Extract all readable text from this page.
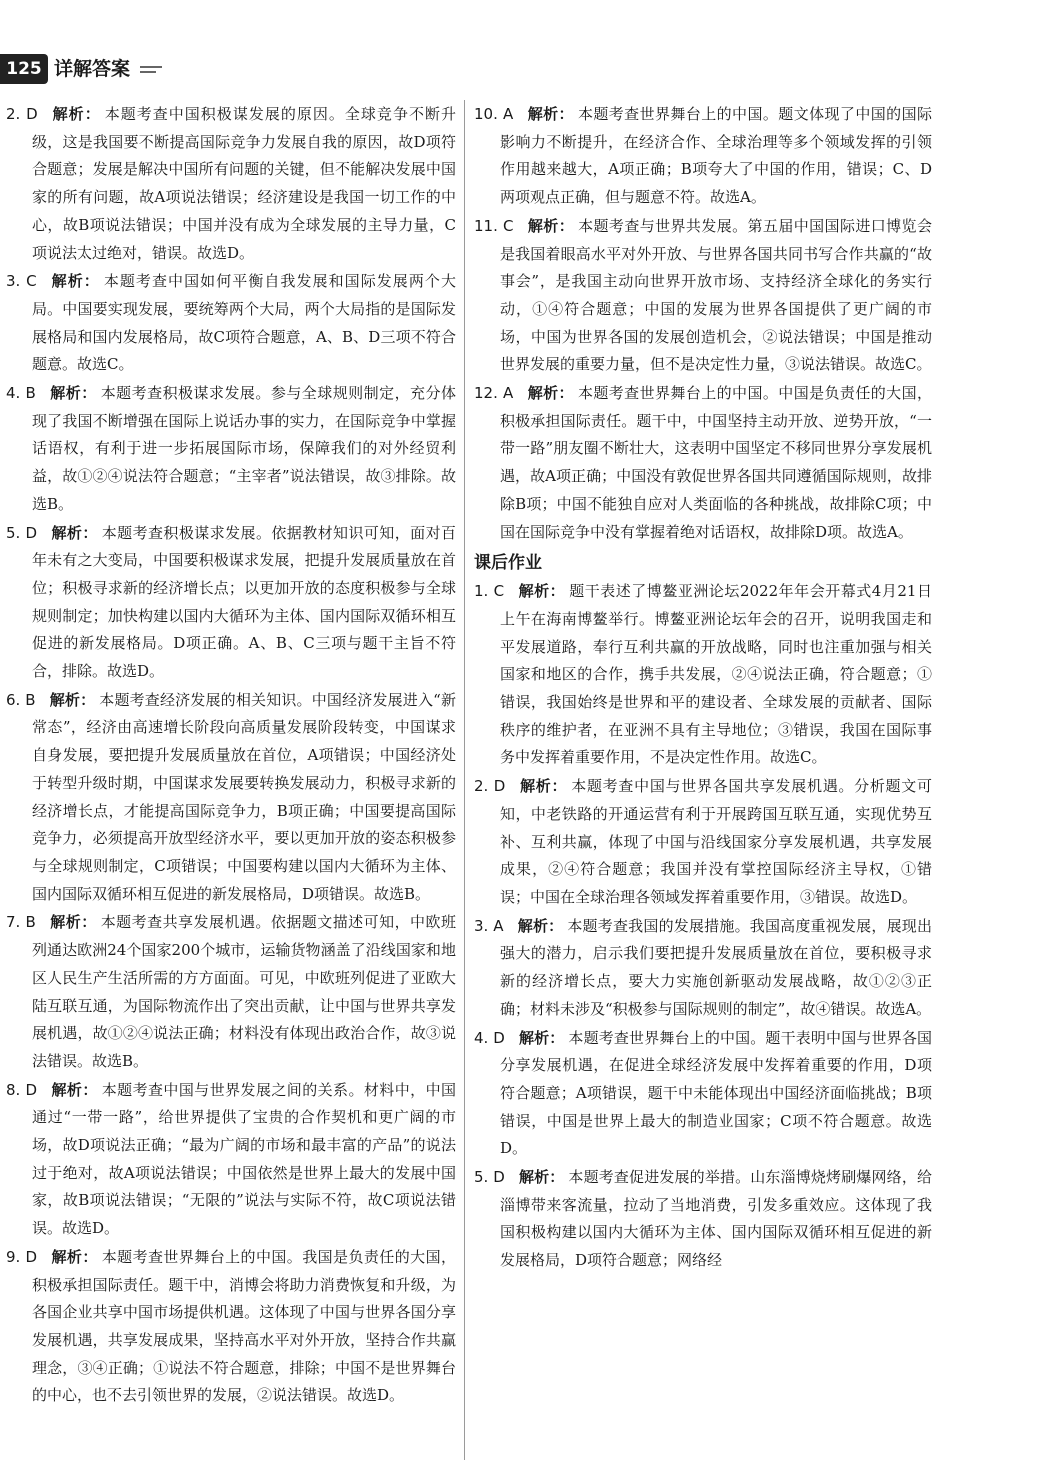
125 详解答案

2. D 解析： 本题考查中国积极谋发展的原因。全球竞争不断升级，这是我国要不断提高国际竞争力发展自我的原因，故D项符合题意；发展是解决中国所有问题的关键，但不能解决发展中国家的所有问题，故A项说法错误；经济建设是我国一切工作的中心，故B项说法错误；中国并没有成为全球发展的主导力量，C项说法太过绝对，错误。故选D。

3. C 解析： 本题考查中国如何平衡自我发展和国际发展两个大局。中国要实现发展，要统筹两个大局，两个大局指的是国际发展格局和国内发展格局，故C项符合题意，A、B、D三项不符合题意。故选C。

4. B 解析： 本题考查积极谋求发展。参与全球规则制定，充分体现了我国不断增强在国际上说话办事的实力，在国际竞争中掌握话语权，有利于进一步拓展国际市场，保障我们的对外经贸利益，故①②④说法符合题意；“主宰者”说法错误，故③排除。故选B。

5. D 解析： 本题考查积极谋求发展。依据教材知识可知，面对百年未有之大变局，中国要积极谋求发展，把提升发展质量放在首位；积极寻求新的经济增长点；以更加开放的态度积极参与全球规则制定；加快构建以国内大循环为主体、国内国际双循环相互促进的新发展格局。D项正确。A、B、C三项与题干主旨不符合，排除。故选D。

6. B 解析： 本题考查经济发展的相关知识。中国经济发展进入“新常态”，经济由高速增长阶段向高质量发展阶段转变，中国谋求自身发展，要把提升发展质量放在首位，A项错误；中国经济处于转型升级时期，中国谋求发展要转换发展动力，积极寻求新的经济增长点，才能提高国际竞争力，B项正确；中国要提高国际竞争力，必须提高开放型经济水平，要以更加开放的姿态积极参与全球规则制定，C项错误；中国要构建以国内大循环为主体、国内国际双循环相互促进的新发展格局，D项错误。故选B。

7. B 解析： 本题考查共享发展机遇。依据题文描述可知，中欧班列通达欧洲24个国家200个城市，运输货物涵盖了沿线国家和地区人民生产生活所需的方方面面。可见，中欧班列促进了亚欧大陆互联互通，为国际物流作出了突出贡献，让中国与世界共享发展机遇，故①②④说法正确；材料没有体现出政治合作，故③说法错误。故选B。

8. D 解析： 本题考查中国与世界发展之间的关系。材料中，中国通过“一带一路”，给世界提供了宝贵的合作契机和更广阔的市场，故D项说法正确；“最为广阔的市场和最丰富的产品”的说法过于绝对，故A项说法错误；中国依然是世界上最大的发展中国家，故B项说法错误；“无限的”说法与实际不符，故C项说法错误。故选D。

9. D 解析： 本题考查世界舞台上的中国。我国是负责任的大国，积极承担国际责任。题干中，消博会将助力消费恢复和升级，为各国企业共享中国市场提供机遇。这体现了中国与世界各国分享发展机遇，共享发展成果，坚持高水平对外开放，坚持合作共赢理念，③④正确；①说法不符合题意，排除；中国不是世界舞台的中心，也不去引领世界的发展，②说法错误。故选D。

10. A 解析： 本题考查世界舞台上的中国。题文体现了中国的国际影响力不断提升，在经济合作、全球治理等多个领域发挥的引领作用越来越大，A项正确；B项夸大了中国的作用，错误；C、D两项观点正确，但与题意不符。故选A。

11. C 解析： 本题考查与世界共发展。第五届中国国际进口博览会是我国着眼高水平对外开放、与世界各国共同书写合作共赢的“故事会”，是我国主动向世界开放市场、支持经济全球化的务实行动，①④符合题意；中国的发展为世界各国提供了更广阔的市场，中国为世界各国的发展创造机会，②说法错误；中国是推动世界发展的重要力量，但不是决定性力量，③说法错误。故选C。

12. A 解析： 本题考查世界舞台上的中国。中国是负责任的大国，积极承担国际责任。题干中，中国坚持主动开放、逆势开放，“一带一路”朋友圈不断壮大，这表明中国坚定不移同世界分享发展机遇，故A项正确；中国没有敦促世界各国共同遵循国际规则，故排除B项；中国不能独自应对人类面临的各种挑战，故排除C项；中国在国际竞争中没有掌握着绝对话语权，故排除D项。故选A。

课后作业

1. C 解析： 题干表述了博鳌亚洲论坛2022年年会开幕式4月21日上午在海南博鳌举行。博鳌亚洲论坛年会的召开，说明我国走和平发展道路，奉行互利共赢的开放战略，同时也注重加强与相关国家和地区的合作，携手共发展，②④说法正确，符合题意；①错误，我国始终是世界和平的建设者、全球发展的贡献者、国际秩序的维护者，在亚洲不具有主导地位；③错误，我国在国际事务中发挥着重要作用，不是决定性作用。故选C。

2. D 解析： 本题考查中国与世界各国共享发展机遇。分析题文可知，中老铁路的开通运营有利于开展跨国互联互通，实现优势互补、互利共赢，体现了中国与沿线国家分享发展机遇，共享发展成果，②④符合题意；我国并没有掌控国际经济主导权，①错误；中国在全球治理各领域发挥着重要作用，③错误。故选D。

3. A 解析： 本题考查我国的发展措施。我国高度重视发展，展现出强大的潜力，启示我们要把提升发展质量放在首位，要积极寻求新的经济增长点，要大力实施创新驱动发展战略，故①②③正确；材料未涉及“积极参与国际规则的制定”，故④错误。故选A。

4. D 解析： 本题考查世界舞台上的中国。题干表明中国与世界各国分享发展机遇，在促进全球经济发展中发挥着重要的作用，D项符合题意；A项错误，题干中未能体现出中国经济面临挑战；B项错误，中国是世界上最大的制造业国家；C项不符合题意。故选D。

5. D 解析： 本题考查促进发展的举措。山东淄博烧烤刷爆网络，给淄博带来客流量，拉动了当地消费，引发多重效应。这体现了我国积极构建以国内大循环为主体、国内国际双循环相互促进的新发展格局，D项符合题意；网络经
